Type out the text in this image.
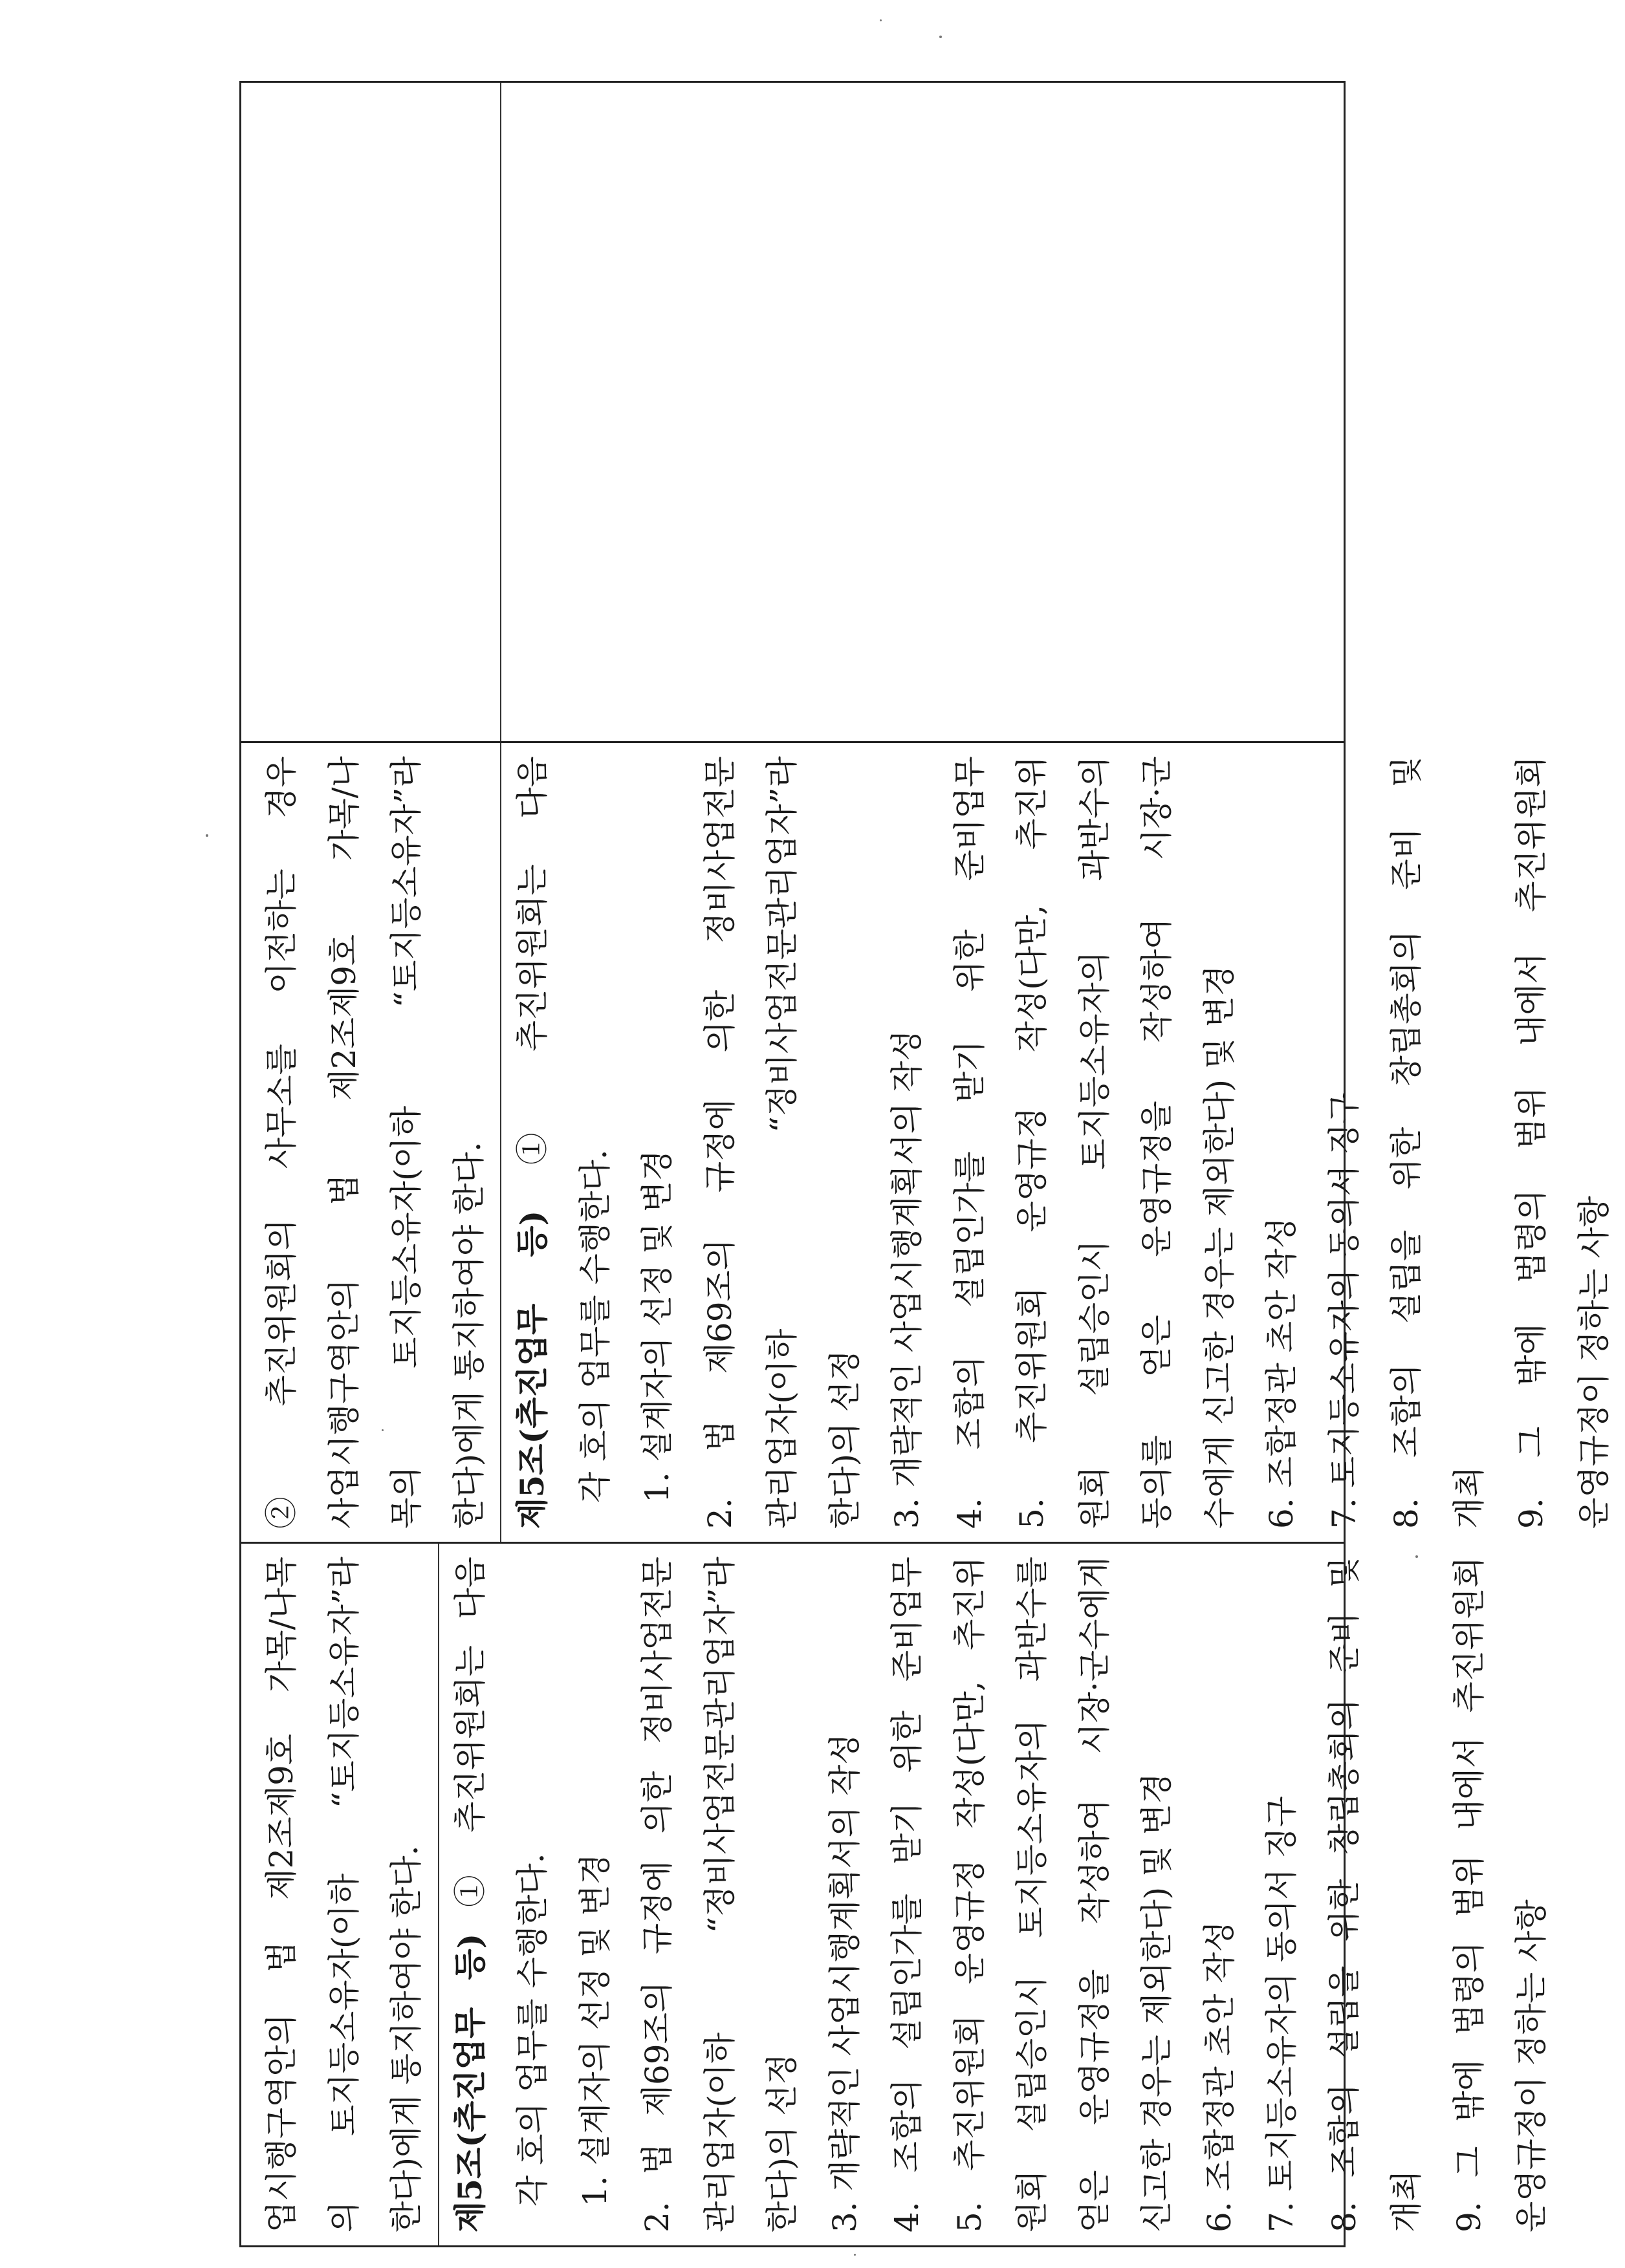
업시행구역안의 법 제2조제9호 가목/나목 의 토지등소유자(이하 “토지등소유자”라 한다)에게 통지하여야 한다. 제5조(추진업무 등) ① 추진위원회는 다음
각 호의 업무를 수행한다. 1. 설계자의 선정 및 변경 2. 법 제69조의 규정에 의한 정비사업전문 관리업자(이하 “정비사업전문관리업자”라 한다)의 선정 3. 개략적인 사업시행계획서의 작성 4. 조합의 설립인가를 받기 위한 준비업무 5. 추진위원회 운영규정 작성(다만, 추진위 원회 설립승인시 토지등소유자의 과반수를 얻은 운영규정을 작성하여 시장·군수에게 신고한 경우는 제외한다) 및 변경 6. 조합정관 초안 작성 7. 토지등소유자의 동의서 징구 8. 조합의 설립을 위한 창립총회의 준비 및 개최 9. 그 밖에 법령의 범위 내에서 추진위원회 운영규정이 정하는 사항
② 추진위원회의 사무소를 이전하는 경우 사업시행구역안의 법 제2조제9호 가목/나 목의 토지등소유자(이하 “토지등소유자”라 한다)에게 통지하여야 한다. 제5조(추진업무 등) ① 추진위원회는 다음
각 호의 업무를 수행한다. 1. 설계자의 선정 및 변경 2. 법 제69조의 규정에 의한 정비사업전문 관리업자(이하 “정비사업전문관리업자”라 한다)의 선정 3. 개략적인 사업시행계획서의 작성 4. 조합의 설립인가를 받기 위한 준비업무 5. 추진위원회 운영규정 작성(다만, 추진위 원회 설립승인시 토지등소유자의 과반수의 동의를 얻은 운영규정을 작성하여 시장·군 수에게 신고한 경우는 제외한다) 및 변경 6. 조합정관 초안 작성 7. 토지등소유자의 동의서 징구 8. 조합의 설립을 위한 창립총회의 준비 및 개최 9. 그 밖에 법령의 범위 내에서 추진위원회 운영규정이 정하는 사항
